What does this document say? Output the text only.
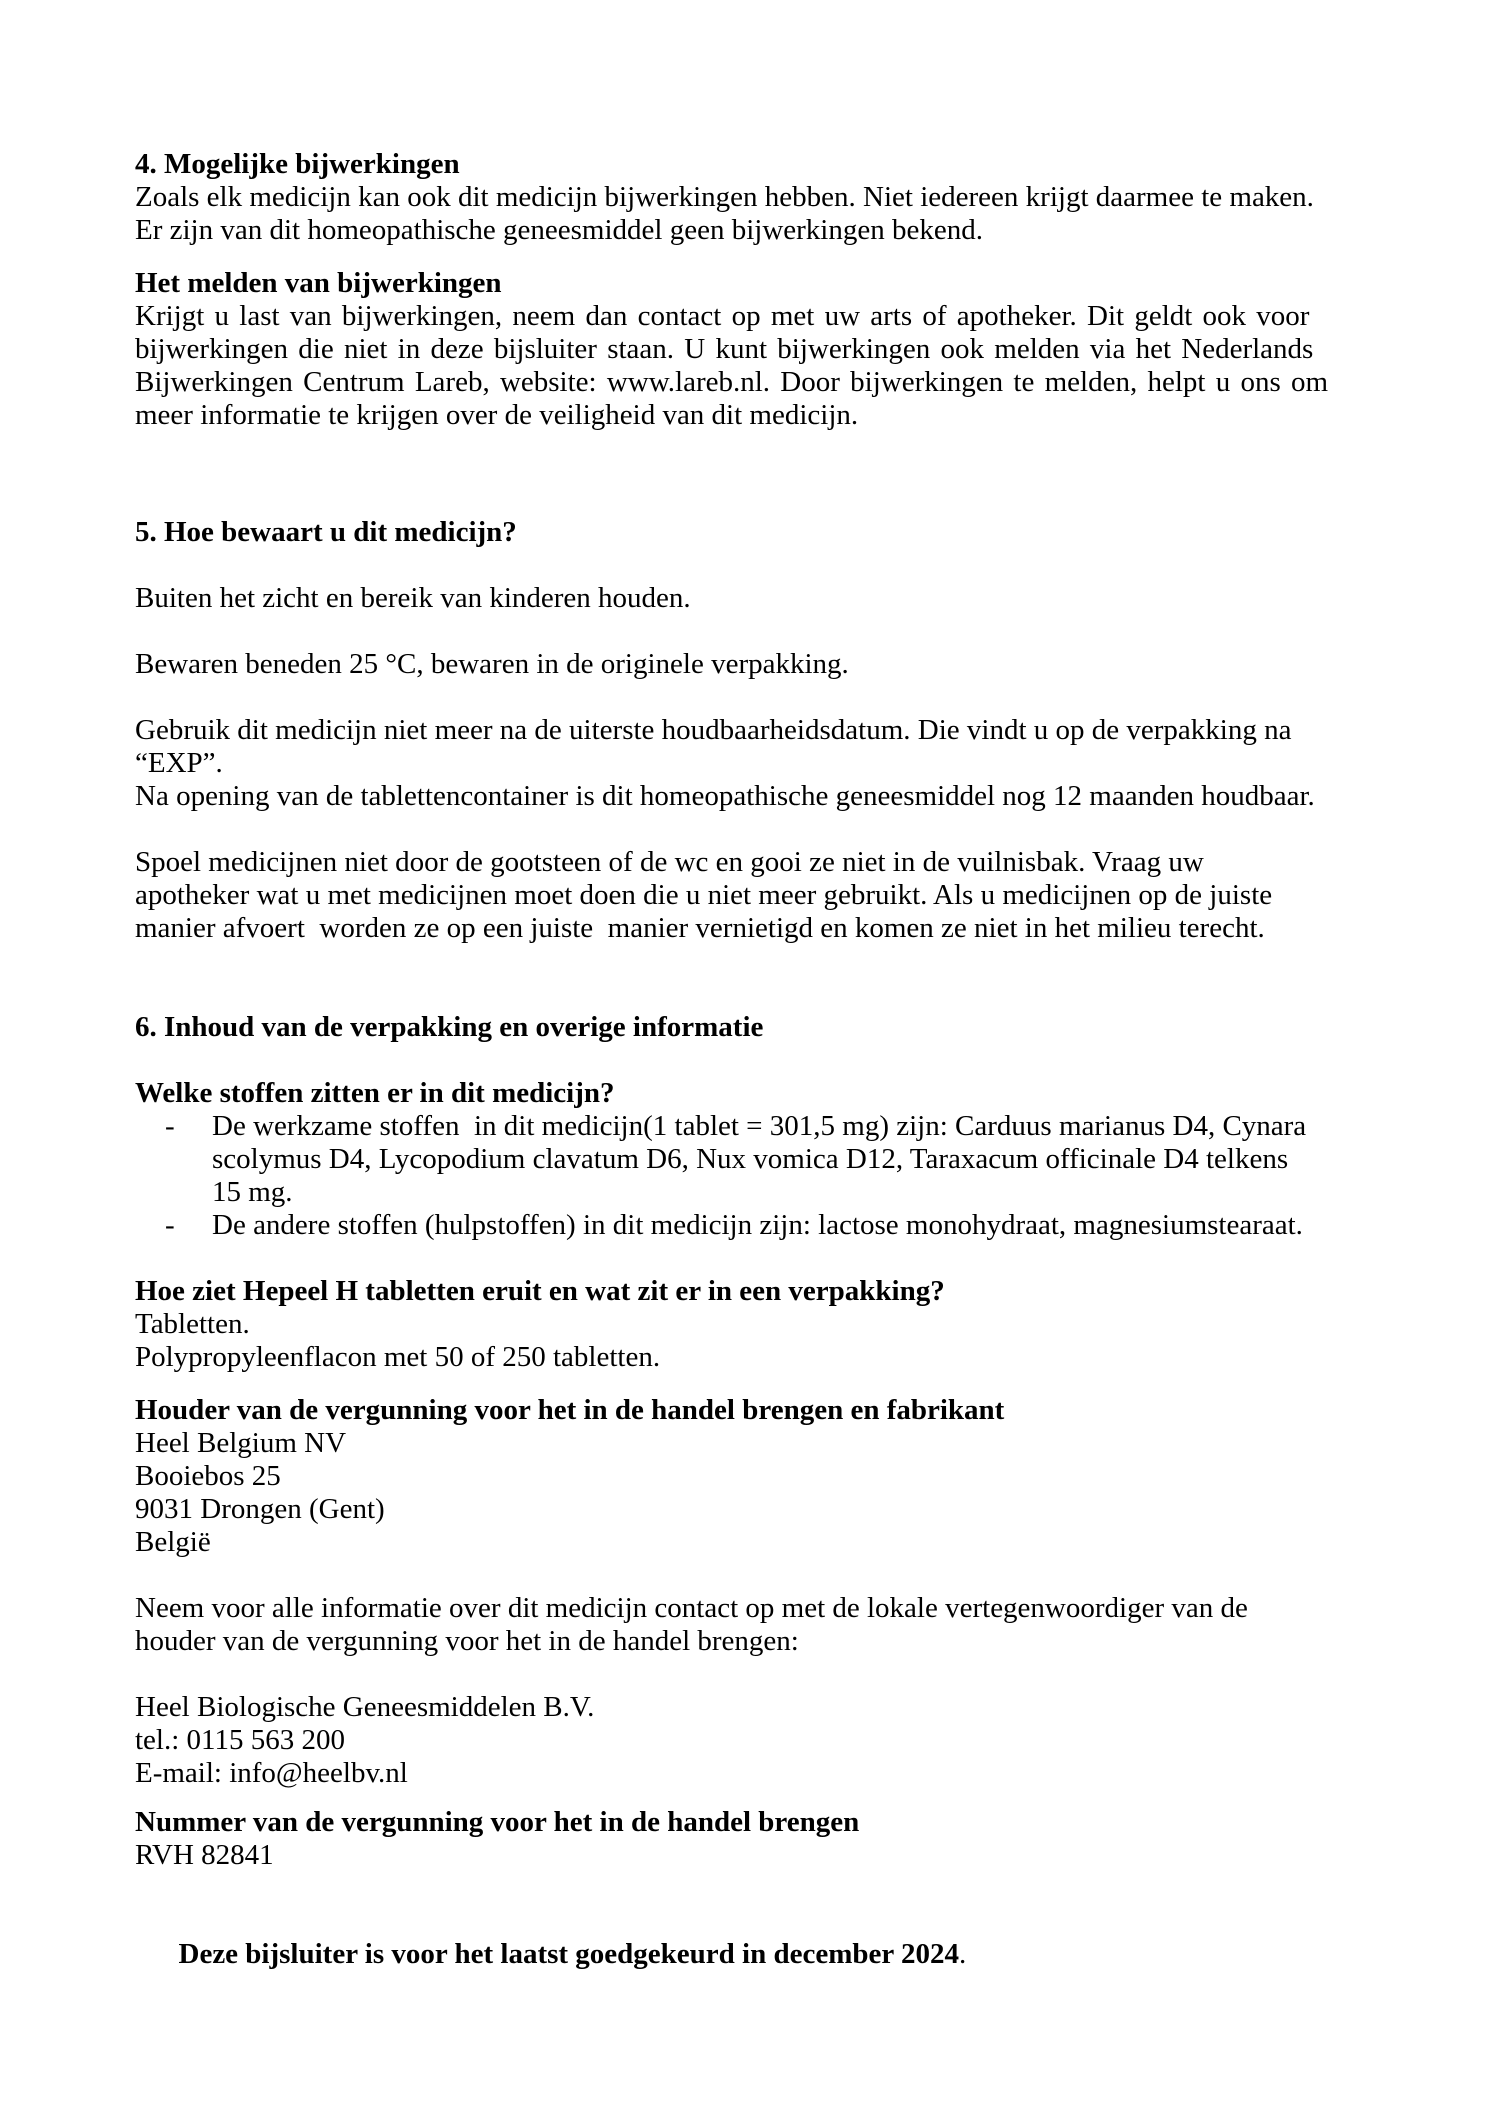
4. Mogelijke bijwerkingen
Zoals elk medicijn kan ook dit medicijn bijwerkingen hebben. Niet iedereen krijgt daarmee te maken.
Er zijn van dit homeopathische geneesmiddel geen bijwerkingen bekend.
Het melden van bijwerkingen
Krijgt u last van bijwerkingen, neem dan contact op met uw arts of apotheker. Dit geldt ook voor
bijwerkingen die niet in deze bijsluiter staan. U kunt bijwerkingen ook melden via het Nederlands
Bijwerkingen Centrum Lareb, website: www.lareb.nl. Door bijwerkingen te melden, helpt u ons om
meer informatie te krijgen over de veiligheid van dit medicijn.
5. Hoe bewaart u dit medicijn?
Buiten het zicht en bereik van kinderen houden.
Bewaren beneden 25 °C, bewaren in de originele verpakking.
Gebruik dit medicijn niet meer na de uiterste houdbaarheidsdatum. Die vindt u op de verpakking na
“EXP”.
Na opening van de tablettencontainer is dit homeopathische geneesmiddel nog 12 maanden houdbaar.
Spoel medicijnen niet door de gootsteen of de wc en gooi ze niet in de vuilnisbak. Vraag uw
apotheker wat u met medicijnen moet doen die u niet meer gebruikt. Als u medicijnen op de juiste
manier afvoert  worden ze op een juiste  manier vernietigd en komen ze niet in het milieu terecht.
6. Inhoud van de verpakking en overige informatie
Welke stoffen zitten er in dit medicijn?
- De werkzame stoffen  in dit medicijn(1 tablet = 301,5 mg) zijn: Carduus marianus D4, Cynara
scolymus D4, Lycopodium clavatum D6, Nux vomica D12, Taraxacum officinale D4 telkens
15 mg.
- De andere stoffen (hulpstoffen) in dit medicijn zijn: lactose monohydraat, magnesiumstearaat.
Hoe ziet Hepeel H tabletten eruit en wat zit er in een verpakking?
Tabletten.
Polypropyleenflacon met 50 of 250 tabletten.
Houder van de vergunning voor het in de handel brengen en fabrikant
Heel Belgium NV
Booiebos 25
9031 Drongen (Gent)
België
Neem voor alle informatie over dit medicijn contact op met de lokale vertegenwoordiger van de
houder van de vergunning voor het in de handel brengen:
Heel Biologische Geneesmiddelen B.V.
tel.: 0115 563 200
E-mail: info@heelbv.nl
Nummer van de vergunning voor het in de handel brengen
RVH 82841

Deze bijsluiter is voor het laatst goedgekeurd in december 2024.
